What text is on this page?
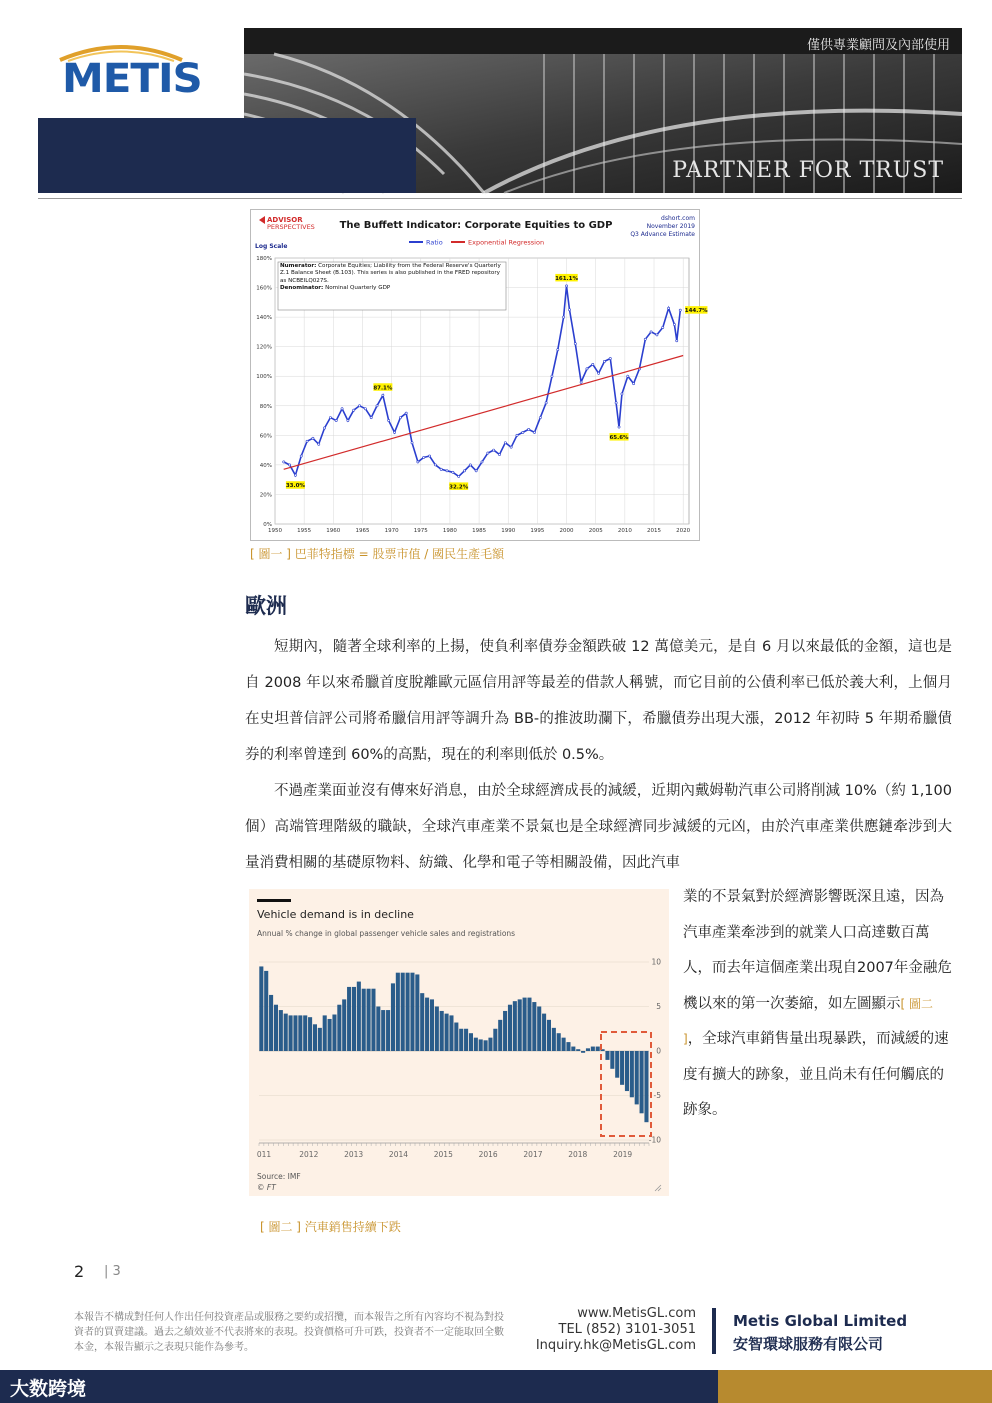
METIS
僅供專業顧問及內部使用
PARTNER FOR TRUST
ADVISOR
PERSPECTIVES The Buffett Indicator: Corporate Equities to GDP
dshort.com
November 2019
Q3 Advance Estimate
Log Scale	Ratio	Exponential Regression
0%
20%
40%
60%
80%
100%
120%
140%
160%
180%
1950	1955	1960	1965	1970	1975	1980	1985	1990	1995	2000	2005	2010	2015	2020
33.0%
87.1%
32.2%
161.1%
65.6%
144.7%
Numerator: Corporate Equities; Liability from the Federal Reserve's Quarterly Z.1 Balance Sheet (B.103). This series is also published in the FRED repository as NCBEILQ027S.
Denominator: Nominal Quarterly GDP
[ 圖一 ] 巴菲特指標 = 股票市值 / 國民生產毛額
歐洲
短期內，隨著全球利率的上揚，使負利率債券金額跌破 12 萬億美元，是自 6 月以來最低的金額，這也是自 2008 年以來希臘首度脫離歐元區信用評等最差的借款人稱號，而它目前的公債利率已低於義大利，上個月在史坦普信評公司將希臘信用評等調升為 BB-的推波助瀾下，希臘債券出現大漲，2012 年初時 5 年期希臘債券的利率曾達到 60%的高點，現在的利率則低於 0.5%。
不過產業面並沒有傳來好消息，由於全球經濟成長的減緩，近期內戴姆勒汽車公司將削減 10%（約 1,100 個）高端管理階級的職缺，全球汽車產業不景氣也是全球經濟同步減緩的元凶，由於汽車產業供應鏈牽涉到大量消費相關的基礎原物料、紡織、化學和電子等相關設備，因此汽車
業的不景氣對於經濟影響既深且遠，因為汽車產業牽涉到的就業人口高達數百萬人，而去年這個產業出現自2007年金融危機以來的第一次萎縮，如左圖顯示[ 圖二 ]，全球汽車銷售量出現暴跌，而減緩的速度有擴大的跡象，並且尚未有任何觸底的跡象。
Vehicle demand is in decline
Annual % change in global passenger vehicle sales and registrations
10
5
0
-5
-10
011	2012	2013	2014	2015	2016	2017	2018	2019
Source: IMF
© FT
[ 圖二 ] 汽車銷售持續下跌
2 | 3
本報告不構成對任何人作出任何投資產品或服務之要約或招攬，而本報告之所有內容均不視為對投資者的買賣建議。過去之績效並不代表將來的表現。投資價格可升可跌，投資者不一定能取回全數本金，本報告顯示之表現只能作為參考。
www.MetisGL.com
TEL (852) 3101-3051
Inquiry.hk@MetisGL.com
Metis Global Limited
安智環球服務有限公司
大数跨境
